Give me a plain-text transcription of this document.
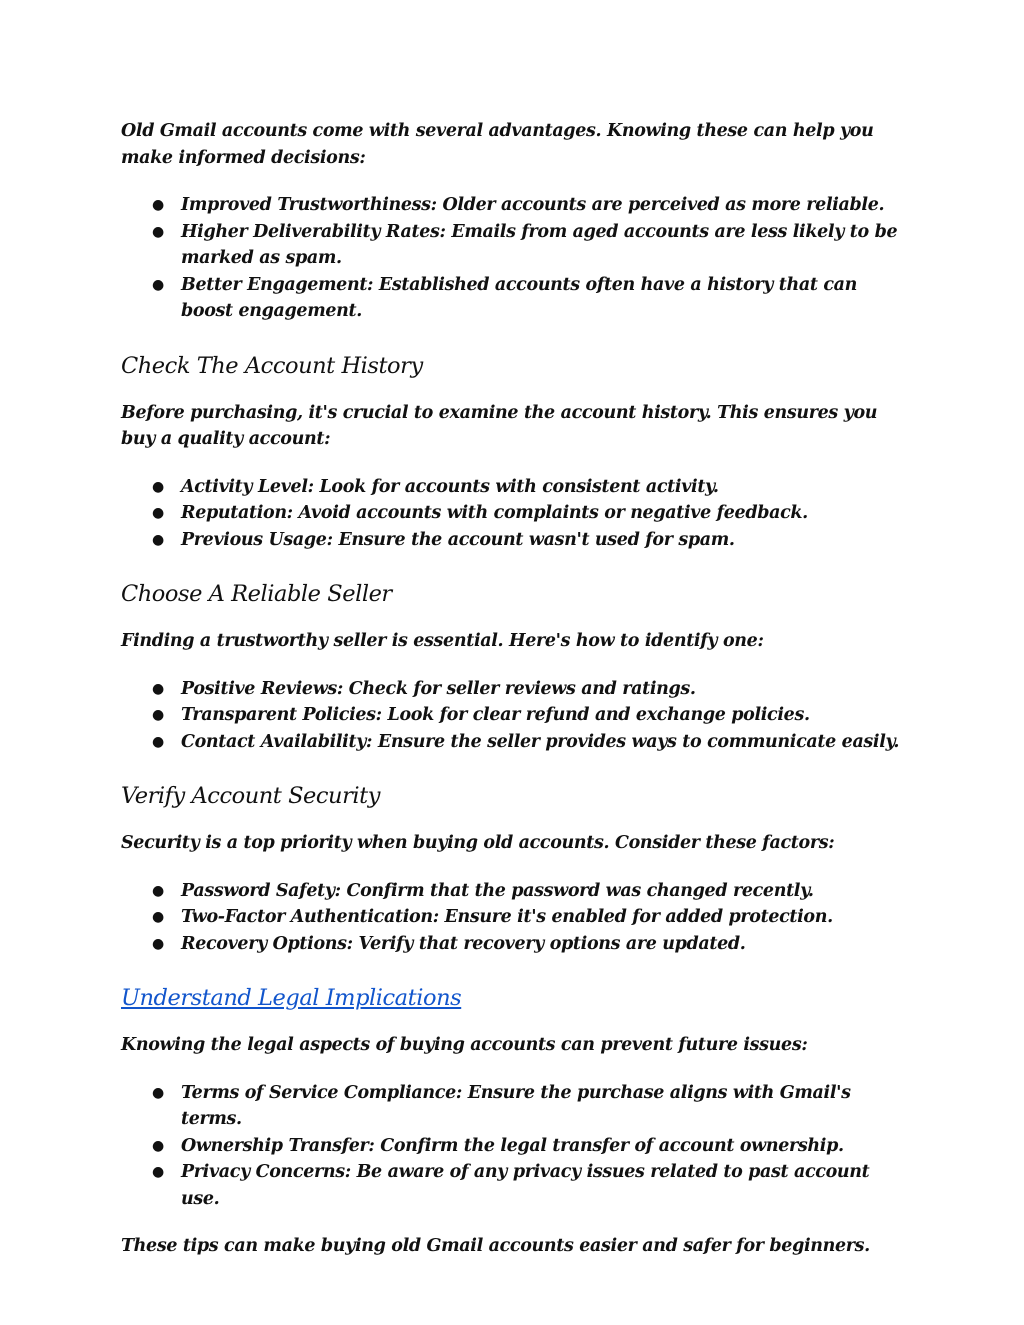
Old Gmail accounts come with several advantages. Knowing these can help you make informed decisions:

● Improved Trustworthiness: Older accounts are perceived as more reliable.
● Higher Deliverability Rates: Emails from aged accounts are less likely to be marked as spam.
● Better Engagement: Established accounts often have a history that can boost engagement.
Check The Account History

Before purchasing, it's crucial to examine the account history. This ensures you buy a quality account:

● Activity Level: Look for accounts with consistent activity.
● Reputation: Avoid accounts with complaints or negative feedback.
● Previous Usage: Ensure the account wasn't used for spam.
Choose A Reliable Seller

Finding a trustworthy seller is essential. Here's how to identify one:

● Positive Reviews: Check for seller reviews and ratings.
● Transparent Policies: Look for clear refund and exchange policies.
● Contact Availability: Ensure the seller provides ways to communicate easily.
Verify Account Security

Security is a top priority when buying old accounts. Consider these factors:

● Password Safety: Confirm that the password was changed recently.
● Two-Factor Authentication: Ensure it's enabled for added protection.
● Recovery Options: Verify that recovery options are updated.
Understand Legal Implications

Knowing the legal aspects of buying accounts can prevent future issues:

● Terms of Service Compliance: Ensure the purchase aligns with Gmail's terms.
● Ownership Transfer: Confirm the legal transfer of account ownership.
● Privacy Concerns: Be aware of any privacy issues related to past account use.

These tips can make buying old Gmail accounts easier and safer for beginners.
